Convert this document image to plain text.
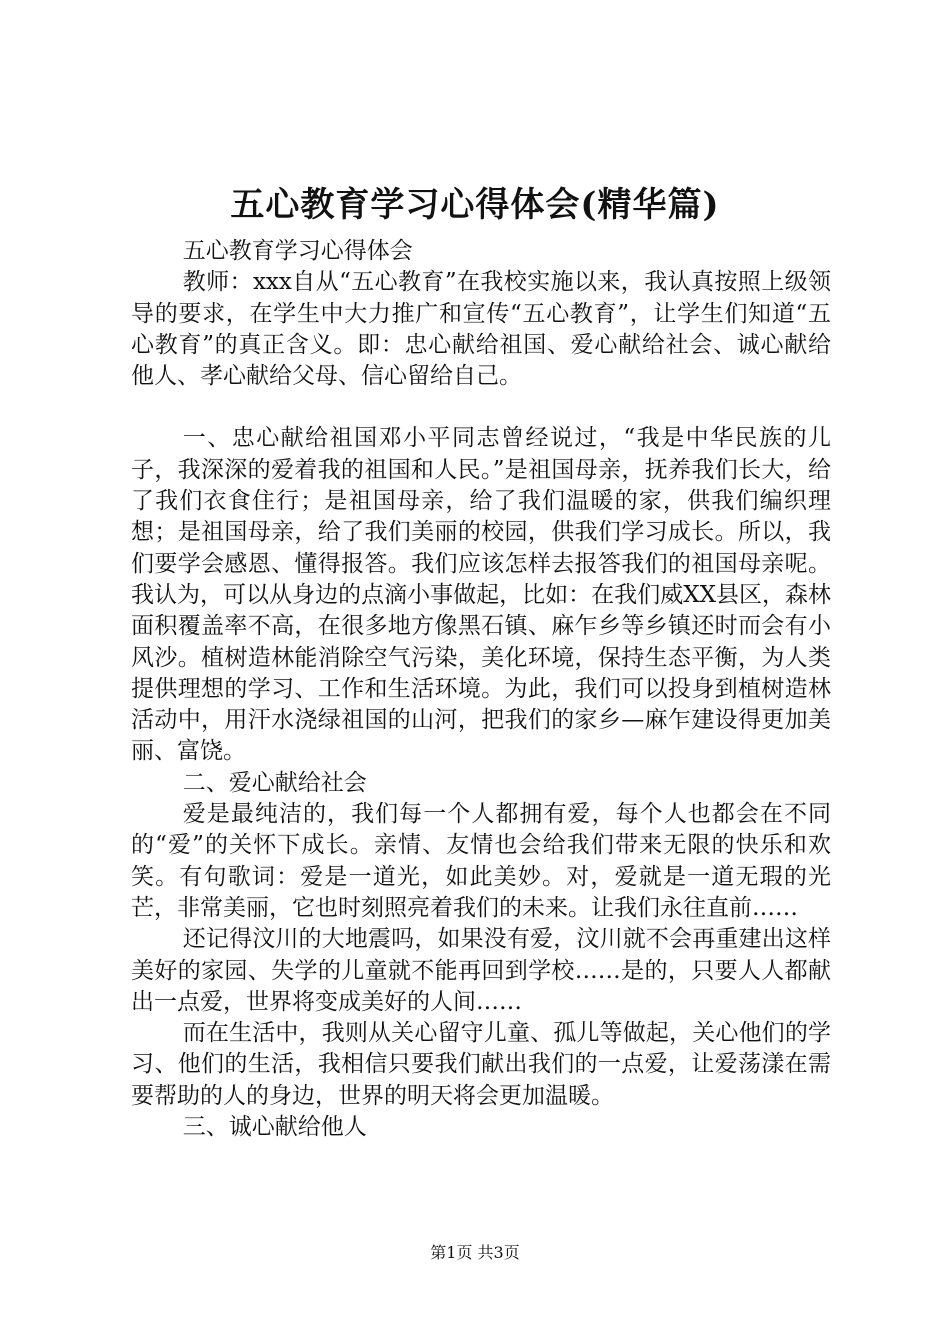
五心教育学习心得体会(精华篇)

五心教育学习心得体会

教师：xxx自从“五心教育”在我校实施以来，我认真按照上级领导的要求，在学生中大力推广和宣传“五心教育”，让学生们知道“五心教育”的真正含义。即：忠心献给祖国、爱心献给社会、诚心献给他人、孝心献给父母、信心留给自己。

一、忠心献给祖国邓小平同志曾经说过，“我是中华民族的儿子，我深深的爱着我的祖国和人民。”是祖国母亲，抚养我们长大，给了我们衣食住行；是祖国母亲，给了我们温暖的家，供我们编织理想；是祖国母亲，给了我们美丽的校园，供我们学习成长。所以，我们要学会感恩、懂得报答。我们应该怎样去报答我们的祖国母亲呢。我认为，可以从身边的点滴小事做起，比如：在我们威XX县区，森林面积覆盖率不高，在很多地方像黑石镇、麻乍乡等乡镇还时而会有小风沙。植树造林能消除空气污染，美化环境，保持生态平衡，为人类提供理想的学习、工作和生活环境。为此，我们可以投身到植树造林活动中，用汗水浇绿祖国的山河，把我们的家乡—麻乍建设得更加美丽、富饶。

二、爱心献给社会

爱是最纯洁的，我们每一个人都拥有爱，每个人也都会在不同的“爱”的关怀下成长。亲情、友情也会给我们带来无限的快乐和欢笑。有句歌词：爱是一道光，如此美妙。对，爱就是一道无瑕的光芒，非常美丽，它也时刻照亮着我们的未来。让我们永往直前……

还记得汶川的大地震吗，如果没有爱，汶川就不会再重建出这样美好的家园、失学的儿童就不能再回到学校……是的，只要人人都献出一点爱，世界将变成美好的人间……

而在生活中，我则从关心留守儿童、孤儿等做起，关心他们的学习、他们的生活，我相信只要我们献出我们的一点爱，让爱荡漾在需要帮助的人的身边，世界的明天将会更加温暖。

三、诚心献给他人

第1页 共3页
